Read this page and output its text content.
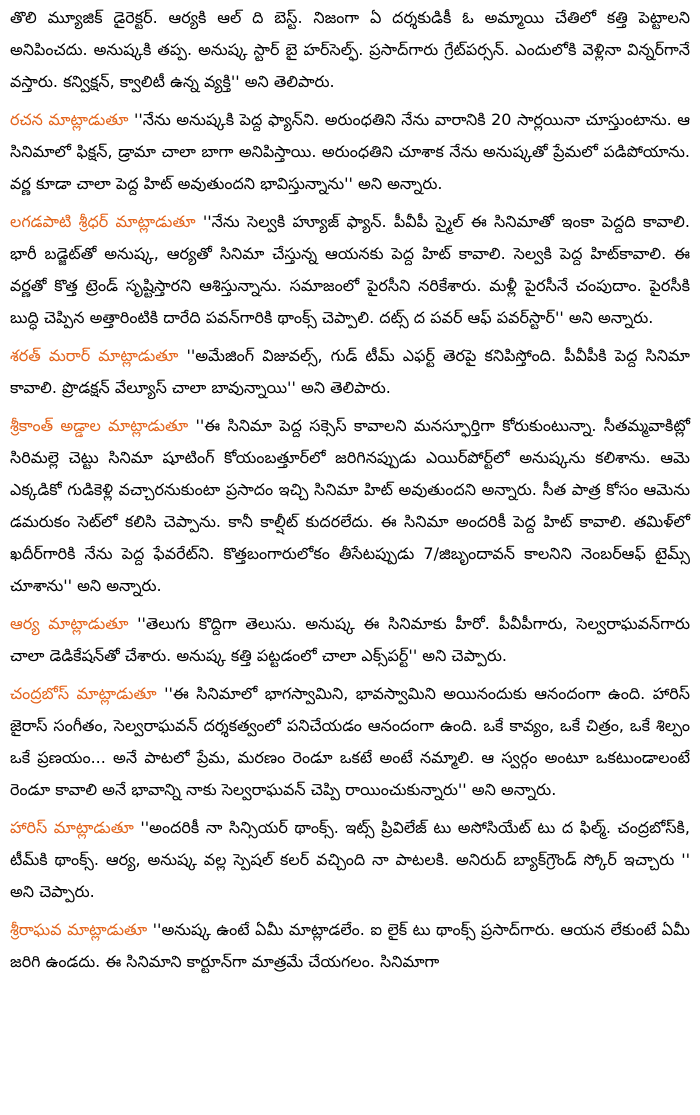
తొలి మ్యూజిక్ డైరెక్టర్. ఆర్యకి ఆల్ ది బెస్ట్. నిజంగా ఏ దర్శకుడికీ ఓ అమ్మాయి చేతిలో కత్తి పెట్టాలని అనిపించదు. అనుష్కకి తప్ప. అనుష్క స్టార్ బై హర్‌సెల్ఫ్. ప్రసాద్‌గారు గ్రేట్‌పర్సన్. ఎందులోకి వెళ్లినా విన్నర్‌గానే వస్తారు. కన్విక్షన్, క్వాలిటీ ఉన్న వ్యక్తి'' అని తెలిపారు.

రచన మాట్లాడుతూ ''నేను అనుష్కకి పెద్ద ఫ్యాన్‌ని. అరుంధతిని నేను వారానికి 20 సార్లయినా చూస్తుంటాను. ఆ సినిమాలో ఫిక్షన్, డ్రామా చాలా బాగా అనిపిస్తాయి. అరుంధతిని చూశాక నేను అనుష్కతో ప్రేమలో పడిపోయాను. వర్ణ కూడా చాలా పెద్ద హిట్ అవుతుందని భావిస్తున్నాను'' అని అన్నారు.

లగడపాటి శ్రీధర్ మాట్లాడుతూ ''నేను సెల్వకి హ్యూజ్ ఫ్యాన్. పీవీపీ స్మైల్ ఈ సినిమాతో ఇంకా పెద్దది కావాలి. భారీ బడ్జెట్‌తో అనుష్క, ఆర్యతో సినిమా చేస్తున్న ఆయనకు పెద్ద హిట్ కావాలి. సెల్వకి పెద్ద హిట్‌కావాలి. ఈ వర్ణతో కొత్త ట్రెండ్ సృష్టిస్తారని ఆశిస్తున్నాను. సమాజంలో పైరసీని నరికేశారు. మళ్లీ పైరసీనే చంపుదాం. పైరసీకి బుద్ధి చెప్పిన అత్తారింటికి దారేది పవన్‌గారికి థాంక్స్ చెప్పాలి. దట్స్ ద పవర్ ఆఫ్ పవర్‌స్టార్'' అని అన్నారు.

శరత్ మరార్ మాట్లాడుతూ ''అమేజింగ్ విజువల్స్, గుడ్ టీమ్ ఎఫర్ట్ తెరపై కనిపిస్తోంది. పీవీపీకి పెద్ద సినిమా కావాలి. ప్రొడక్షన్ వేల్యూస్ చాలా బావున్నాయి'' అని తెలిపారు.

శ్రీకాంత్ అడ్డాల మాట్లాడుతూ ''ఈ సినిమా పెద్ద సక్సెస్ కావాలని మనస్ఫూర్తిగా కోరుకుంటున్నా. సీతమ్మవాకిట్లో సిరిమల్లె చెట్టు సినిమా షూటింగ్ కోయంబత్తూర్‌లో జరిగినప్పుడు ఎయిర్‌పోర్ట్‌లో అనుష్కను కలిశాను. ఆమె ఎక్కడికో గుడికెళ్లి వచ్చారనుకుంటా ప్రసాదం ఇచ్చి సినిమా హిట్ అవుతుందని అన్నారు. సీత పాత్ర కోసం ఆమెను డమరుకం సెట్‌లో కలిసి చెప్పాను. కానీ కాల్షీట్ కుదరలేదు. ఈ సినిమా అందరికీ పెద్ద హిట్ కావాలి. తమిళ్‌లో ఖదీర్‌గారికి నేను పెద్ద ఫేవరేట్‌ని. కొత్తబంగారులోకం తీసేటప్పుడు 7/జిబృందావన్ కాలనిని నెంబర్‌ఆఫ్ టైమ్స్ చూశాను'' అని అన్నారు.

ఆర్య మాట్లాడుతూ ''తెలుగు కొద్దిగా తెలుసు. అనుష్క ఈ సినిమాకు హీరో. పీవీపీగారు, సెల్వరాఘవన్‌గారు చాలా డెడికేషన్‌తో చేశారు. అనుష్క కత్తి పట్టడంలో చాలా ఎక్స్‌పర్ట్'' అని చెప్పారు.

చంద్రబోస్ మాట్లాడుతూ ''ఈ సినిమాలో భాగస్వామిని, భావస్వామిని అయినందుకు ఆనందంగా ఉంది. హారిస్ జైరాస్ సంగీతం, సెల్వరాఘవన్ దర్శకత్వంలో పనిచేయడం ఆనందంగా ఉంది. ఒకే కావ్యం, ఒకే చిత్రం, ఒకే శిల్పం ఒకే ప్రణయం... అనే పాటలో ప్రేమ, మరణం రెండూ ఒకటే అంటే నమ్మాలి. ఆ స్వర్గం అంటూ ఒకటుండాలంటే రెండూ కావాలి అనే భావాన్ని నాకు సెల్వరాఘవన్ చెప్పి రాయించుకున్నారు'' అని అన్నారు.

హారిస్ మాట్లాడుతూ ''అందరికీ నా సిన్సియర్ థాంక్స్. ఇట్స్ ప్రివిలేజ్ టు అసోసియేట్ టు ద ఫిల్మ్. చంద్రబోస్‌కి, టీమ్‌కి థాంక్స్. ఆర్య, అనుష్క వల్ల స్పెషల్ కలర్ వచ్చింది నా పాటలకి. అనిరుద్ బ్యాక్‌గ్రౌండ్ స్కోర్ ఇచ్చారు '' అని చెప్పారు.

శ్రీరాఘవ మాట్లాడుతూ ''అనుష్క ఉంటే ఏమీ మాట్లాడలేం. ఐ లైక్ టు థాంక్స్ ప్రసాద్‌గారు. ఆయన లేకుంటే ఏమీ జరిగి ఉండదు. ఈ సినిమాని కార్టూన్‌గా మాత్రమే చేయగలం. సినిమాగా
